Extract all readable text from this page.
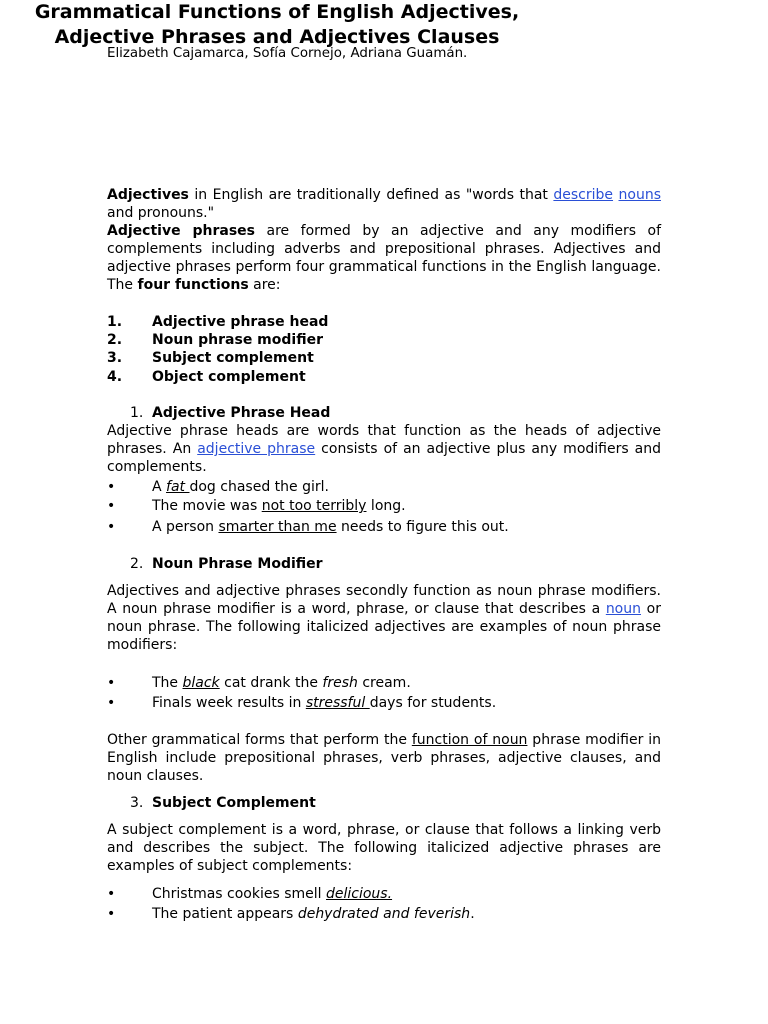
Elizabeth Cajamarca, Sofía Cornejo, Adriana Guamán.
Grammatical Functions of English Adjectives,
Adjective Phrases and Adjectives Clauses
Adjectives in English are traditionally defined as "words that describe nouns and pronouns."
Adjective phrases are formed by an adjective and any modifiers of complements including adverbs and prepositional phrases. Adjectives and adjective phrases perform four grammatical functions in the English language. The four functions are:
1. Adjective phrase head
2. Noun phrase modifier
3. Subject complement
4. Object complement
1. Adjective Phrase Head
Adjective phrase heads are words that function as the heads of adjective phrases. An adjective phrase consists of an adjective plus any modifiers and complements.
•	A fat dog chased the girl.
•	The movie was not too terribly long.
•	A person smarter than me needs to figure this out.
2. Noun Phrase Modifier
Adjectives and adjective phrases secondly function as noun phrase modifiers. A noun phrase modifier is a word, phrase, or clause that describes a noun or noun phrase. The following italicized adjectives are examples of noun phrase modifiers:
•	The black cat drank the fresh cream.
•	Finals week results in stressful days for students.
Other grammatical forms that perform the function of noun phrase modifier in English include prepositional phrases, verb phrases, adjective clauses, and noun clauses.
3. Subject Complement
A subject complement is a word, phrase, or clause that follows a linking verb and describes the subject. The following italicized adjective phrases are examples of subject complements:
•	Christmas cookies smell delicious.
•	The patient appears dehydrated and feverish.
